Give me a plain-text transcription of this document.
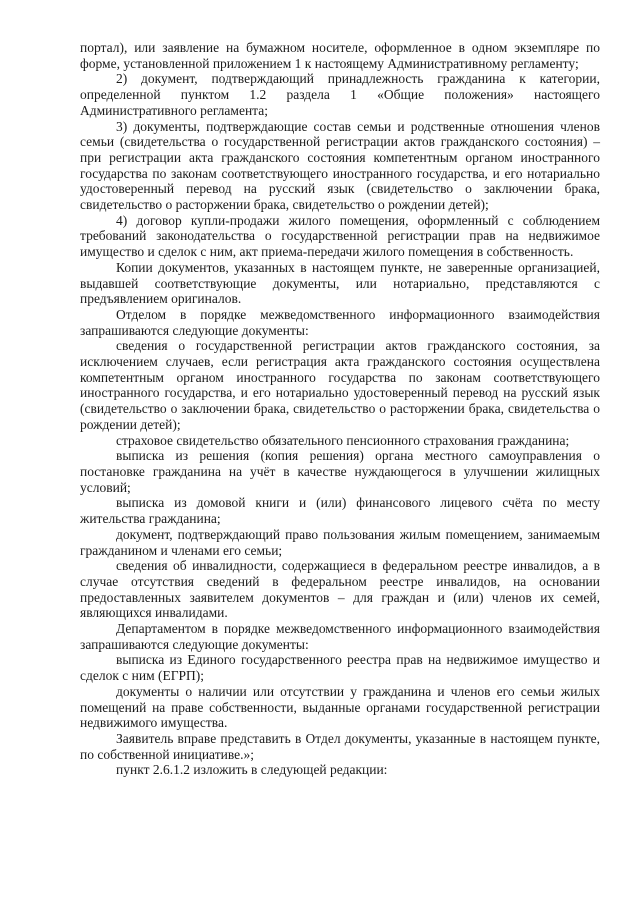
портал), или заявление на бумажном носителе, оформленное в одном экземпляре по форме, установленной приложением 1 к настоящему Административному регламенту;

2) документ, подтверждающий принадлежность гражданина к категории, определенной пунктом 1.2 раздела 1 «Общие положения» настоящего Административного регламента;

3) документы, подтверждающие состав семьи и родственные отношения членов семьи (свидетельства о государственной регистрации актов гражданского состояния) – при регистрации акта гражданского состояния компетентным органом иностранного государства по законам соответствующего иностранного государства, и его нотариально удостоверенный перевод на русский язык (свидетельство о заключении брака, свидетельство о расторжении брака, свидетельство о рождении детей);

4) договор купли-продажи жилого помещения, оформленный с соблюдением требований законодательства о государственной регистрации прав на недвижимое имущество и сделок с ним, акт приема-передачи жилого помещения в собственность.

Копии документов, указанных в настоящем пункте, не заверенные организацией, выдавшей соответствующие документы, или нотариально, представляются с предъявлением оригиналов.

Отделом в порядке межведомственного информационного взаимодействия запрашиваются следующие документы:

сведения о государственной регистрации актов гражданского состояния, за исключением случаев, если регистрация акта гражданского состояния осуществлена компетентным органом иностранного государства по законам соответствующего иностранного государства, и его нотариально удостоверенный перевод на русский язык (свидетельство о заключении брака, свидетельство о расторжении брака, свидетельства о рождении детей);

страховое свидетельство обязательного пенсионного страхования гражданина;

выписка из решения (копия решения) органа местного самоуправления о постановке гражданина на учёт в качестве нуждающегося в улучшении жилищных условий;

выписка из домовой книги и (или) финансового лицевого счёта по месту жительства гражданина;

документ, подтверждающий право пользования жилым помещением, занимаемым гражданином и членами его семьи;

сведения об инвалидности, содержащиеся в федеральном реестре инвалидов, а в случае отсутствия сведений в федеральном реестре инвалидов, на основании предоставленных заявителем документов – для граждан и (или) членов их семей, являющихся инвалидами.

Департаментом в порядке межведомственного информационного взаимодействия запрашиваются следующие документы:

выписка из Единого государственного реестра прав на недвижимое имущество и сделок с ним (ЕГРП);

документы о наличии или отсутствии у гражданина и членов его семьи жилых помещений на праве собственности, выданные органами государственной регистрации недвижимого имущества.

Заявитель вправе представить в Отдел документы, указанные в настоящем пункте, по собственной инициативе.»;

пункт 2.6.1.2 изложить в следующей редакции:
